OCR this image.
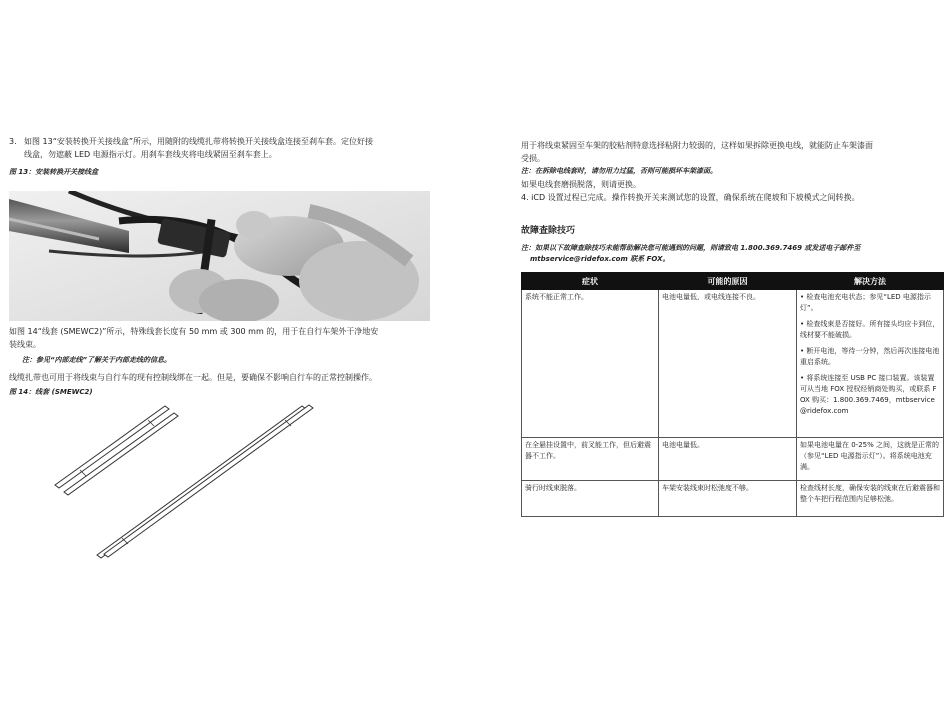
3. 如图 13“安装转换开关接线盒”所示，用随附的线缆扎带将转换开关接线盒连接至刹车套。定位好接
线盒，勿遮蔽 LED 电源指示灯。用刹车套线夹将电线紧固至刹车套上。
图 13：安装转换开关接线盒
如图 14“线套 (SMEWC2)”所示，特殊线套长度有 50 mm 或 300 mm 的，用于在自行车架外干净地安
装线束。
注：参见“内部走线”了解关于内部走线的信息。
线缆扎带也可用于将线束与自行车的现有控制线绑在一起。但是，要确保不影响自行车的正常控制操作。
图 14：线套 (SMEWC2)
用于将线束紧固至车架的胶粘剂特意选择粘附力较弱的，这样如果拆除更换电线，就能防止车架漆面
受损。
注：在拆除电线套时，请勿用力过猛，否则可能损坏车架漆面。
如果电线套磨损脱落，则请更换。
4. iCD 设置过程已完成。操作转换开关来测试您的设置，确保系统在爬坡和下坡模式之间转换。
故障查除技巧
注：如果以下故障查除技巧未能帮助解决您可能遇到的问题，则请致电 1.800.369.7469 或发送电子邮件至
mtbservice@ridefox.com 联系 FOX。
症状	可能的原因	解决方法
系统不能正常工作。	电池电量低，或电线连接不良。	• 检查电池充电状态；参见“LED 电源指示灯”。

• 检查线束是否接好。所有接头均应卡到位，线材要不能破损。

• 断开电池，等待一分钟，然后再次连接电池重启系统。

• 将系统连接至 USB PC 接口装置。该装置可从当地 FOX 授权经销商处购买，或联系 FOX 购买：1.800.369.7469，mtbservice@ridefox.com

在全悬挂设置中，前叉能工作，但后避震器不工作。	电池电量低。	如果电池电量在 0-25% 之间，这就是正常的（参见“LED 电源指示灯”）。将系统电池充满。

骑行时线束脱落。	车架安装线束时松弛度不够。	检查线材长度，确保安装的线束在后避震器和整个车把行程范围内足够松弛。
